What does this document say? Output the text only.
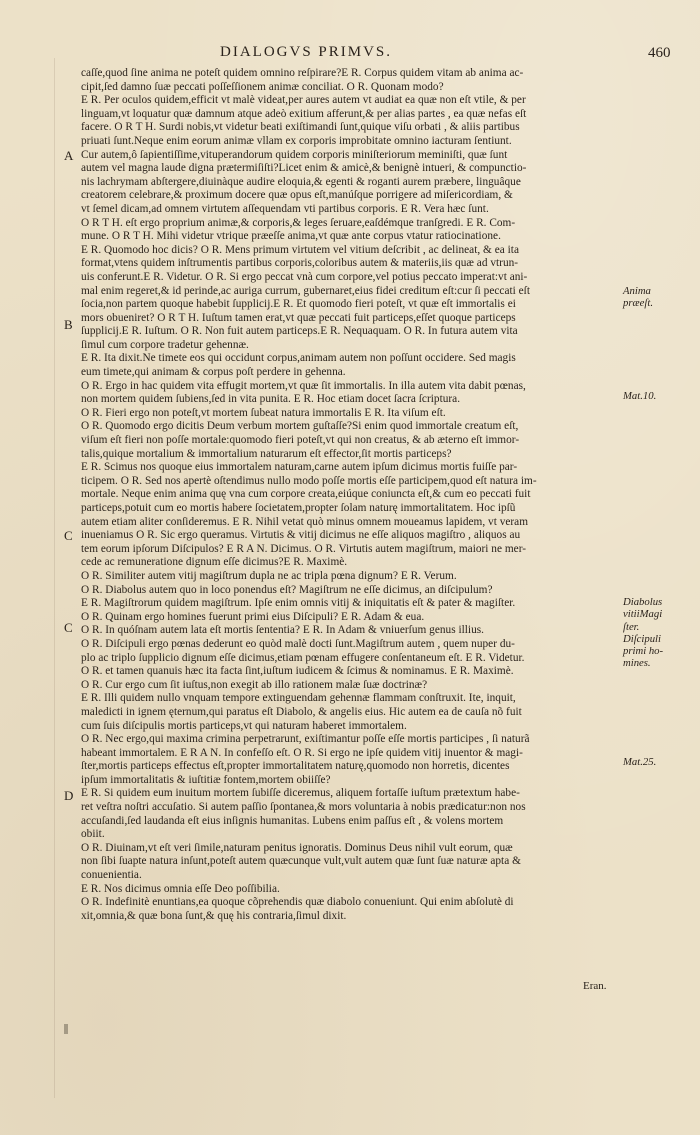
DIALOGVS PRIMVS.	460
caſſe,quod ſine anima ne poteſt quidem omnino reſpirare?E R. Corpus quidem vitam ab anima ac-
cipit,ſed damno ſuæ peccati poſſeſſionem animæ conciliat. O R. Quonam modo?
E R. Per oculos quidem,efficit vt malè videat,per aures autem vt audiat ea quæ non eſt vtile, & per
linguam,vt loquatur quæ damnum atque adeò exitium afferunt,& per alias partes , ea quæ nefas eſt
facere. O R T H. Surdi nobis,vt videtur beati exiſtimandi ſunt,quique viſu orbati , & aliis partibus
priuati ſunt.Neque enim eorum animæ vllam ex corporis improbitate omnino iacturam ſentiunt.
Cur autem,ô ſapientiſſime,vituperandorum quidem corporis miniſteriorum meminiſti, quæ ſunt
autem vel magna laude digna prætermiſiſti?Licet enim & amicè,& benignè intueri, & compunctio-
nis lachrymam abſtergere,diuinàque audire eloquia,& egenti & roganti aurem præbere, linguâque
creatorem celebrare,& proximum docere quæ opus eſt,manúſque porrigere ad miſericordiam, &
vt ſemel dicam,ad omnem virtutem aſſequendam vti partibus corporis. E R. Vera hæc ſunt.
O R T H. eſt ergo proprium animæ,& corporis,& leges ſeruare,eaſdémque tranſgredi. E R. Com-
mune. O R T H. Mihi videtur vtrique præeſſe anima,vt quæ ante corpus vtatur ratiocinatione.
E R. Quomodo hoc dicis? O R. Mens primum virtutem vel vitium deſcribit , ac delineat, & ea ita
format,vtens quidem inſtrumentis partibus corporis,coloribus autem & materiis,iis quæ ad vtrun-
uis conferunt.E R. Videtur. O R. Si ergo peccat vnà cum corpore,vel potius peccato imperat:vt ani-
mal enim regeret,& id perinde,ac auriga currum, gubernaret,eius fidei creditum eſt:cur ſi peccati eſt
ſocia,non partem quoque habebit ſupplicij.E R. Et quomodo fieri poteſt, vt quæ eſt immortalis ei
mors obueniret? O R T H. Iuſtum tamen erat,vt quæ peccati fuit particeps,eſſet quoque particeps
ſupplicij.E R. Iuſtum. O R. Non fuit autem particeps.E R. Nequaquam. O R. In futura autem vita
ſimul cum corpore tradetur gehennæ.
E R. Ita dixit.Ne timete eos qui occidunt corpus,animam autem non poſſunt occidere. Sed magis
eum timete,qui animam & corpus poſt perdere in gehenna.
O R. Ergo in hac quidem vita effugit mortem,vt quæ ſit immortalis. In illa autem vita dabit pœnas,
non mortem quidem ſubiens,ſed in vita punita. E R. Hoc etiam docet ſacra ſcriptura.
O R. Fieri ergo non poteſt,vt mortem ſubeat natura immortalis E R. Ita viſum eſt.
O R. Quomodo ergo dicitis Deum verbum mortem guſtaſſe?Si enim quod immortale creatum eſt,
viſum eſt fieri non poſſe mortale:quomodo fieri poteſt,vt qui non creatus, & ab æterno eſt immor-
talis,quique mortalium & immortalium naturarum eſt effector,ſit mortis particeps?
E R. Scimus nos quoque eius immortalem naturam,carne autem ipſum dicimus mortis fuiſſe par-
ticipem. O R. Sed nos apertè oſtendimus nullo modo poſſe mortis eſſe participem,quod eſt natura im-
mortale. Neque enim anima quę vna cum corpore creata,eiúque coniuncta eſt,& cum eo peccati fuit
particeps,potuit cum eo mortis habere ſocietatem,propter ſolam naturę immortalitatem. Hoc ipſũ
autem etiam aliter conſideremus. E R. Nihil vetat quò minus omnem moueamus lapidem, vt veram
inueniamus O R. Sic ergo queramus. Virtutis & vitij dicimus ne eſſe aliquos magiſtro , aliquos au
tem eorum ipſorum Diſcipulos? E R A N. Dicimus. O R. Virtutis autem magiſtrum, maiori ne mer-
cede ac remuneratione dignum eſſe dicimus?E R. Maximè.
O R. Similiter autem vitij magiſtrum dupla ne ac tripla pœna dignum? E R. Verum.
O R. Diabolus autem quo in loco ponendus eſt? Magiſtrum ne eſſe dicimus, an diſcipulum?
E R. Magiſtrorum quidem magiſtrum. Ipſe enim omnis vitij & iniquitatis eſt & pater & magiſter.
O R. Quinam ergo homines fuerunt primi eius Diſcipuli? E R. Adam & eua.
O R. In quóſnam autem lata eſt mortis ſententia? E R. In Adam & vniuerſum genus illius.
O R. Diſcipuli ergo pœnas dederunt eo quòd malè docti ſunt.Magiſtrum autem , quem nuper du-
plo ac triplo ſupplicio dignum eſſe dicimus,etiam pœnam effugere conſentaneum eſt. E R. Videtur.
O R. et tamen quanuis hæc ita facta ſint,iuſtum iudicem & ſcimus & nominamus. E R. Maximè.
O R. Cur ergo cum ſit iuſtus,non exegit ab illo rationem malæ ſuæ doctrinæ?
E R. Illi quidem nullo vnquam tempore extinguendam gehennæ flammam conſtruxit. Ite, inquit,
maledicti in ignem ęternum,qui paratus eſt Diabolo, & angelis eius. Hic autem ea de cauſa nõ fuit
cum ſuis diſcipulis mortis particeps,vt qui naturam haberet immortalem.
O R. Nec ergo,qui maxima crimina perpetrarunt, exiſtimantur poſſe eſſe mortis participes , ſi naturã
habeant immortalem. E R A N. In confeſſo eſt. O R. Si ergo ne ipſe quidem vitij inuentor & magi-
ſter,mortis particeps effectus eſt,propter immortalitatem naturę,quomodo non horretis, dicentes
ipſum immortalitatis & iuſtitiæ fontem,mortem obiiſſe?
E R. Si quidem eum inuitum mortem ſubiſſe diceremus, aliquem fortaſſe iuſtum prætextum habe-
ret veſtra noſtri accuſatio. Si autem paſſio ſpontanea,& mors voluntaria à nobis prædicatur:non nos
accuſandi,ſed laudanda eſt eius inſignis humanitas. Lubens enim paſſus eſt , & volens mortem
obiit.
O R. Diuinam,vt eſt veri ſimile,naturam penitus ignoratis. Dominus Deus nihil vult eorum, quæ
non ſibi ſuapte natura inſunt,poteſt autem quæcunque vult,vult autem quæ ſunt ſuæ naturæ apta &
conuenientia.
E R. Nos dicimus omnia eſſe Deo poſſibilia.
O R. Indefinitè enuntians,ea quoque cõprehendis quæ diabolo conueniunt. Qui enim abſolutè di
xit,omnia,& quæ bona ſunt,& quę his contraria,ſimul dixit.
A
B
C
C
D
Anima
præeſt.
Mat.10.
Diabolus
vitiiMagi
ſter.
Diſcipuli
primi ho-
mines.
Mat.25.
Eran.
